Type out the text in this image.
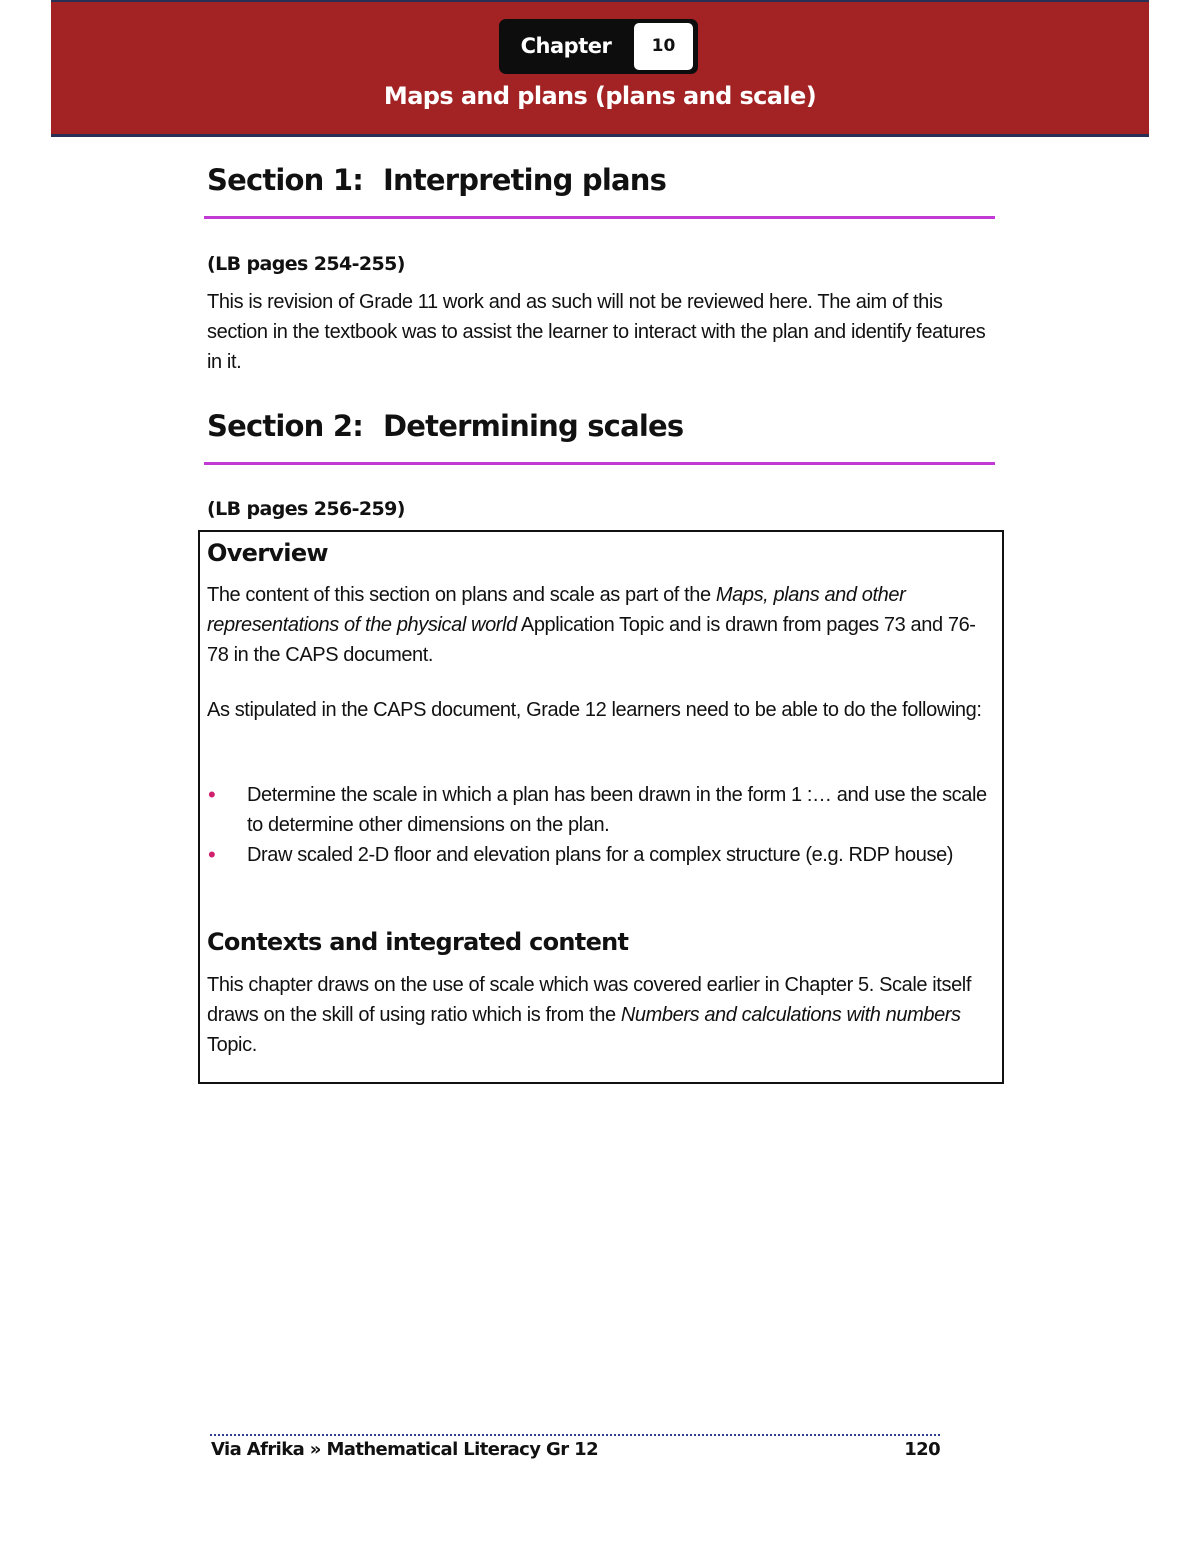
Chapter	10
Maps and plans (plans and scale)
Section 1: Interpreting plans
(LB pages 254-255)

This is revision of Grade 11 work and as such will not be reviewed here. The aim of this section in the textbook was to assist the learner to interact with the plan and identify features in it.

Section 2: Determining scales
(LB pages 256-259)
Overview

The content of this section on plans and scale as part of the Maps, plans and other representations of the physical world Application Topic and is drawn from pages 73 and 76-78 in the CAPS document.

As stipulated in the CAPS document, Grade 12 learners need to be able to do the following:

• Determine the scale in which a plan has been drawn in the form 1 :… and use the scale to determine other dimensions on the plan.
• Draw scaled 2-D floor and elevation plans for a complex structure (e.g. RDP house)
Contexts and integrated content

This chapter draws on the use of scale which was covered earlier in Chapter 5. Scale itself draws on the skill of using ratio which is from the Numbers and calculations with numbers Topic.

Via Afrika » Mathematical Literacy Gr 12	120
